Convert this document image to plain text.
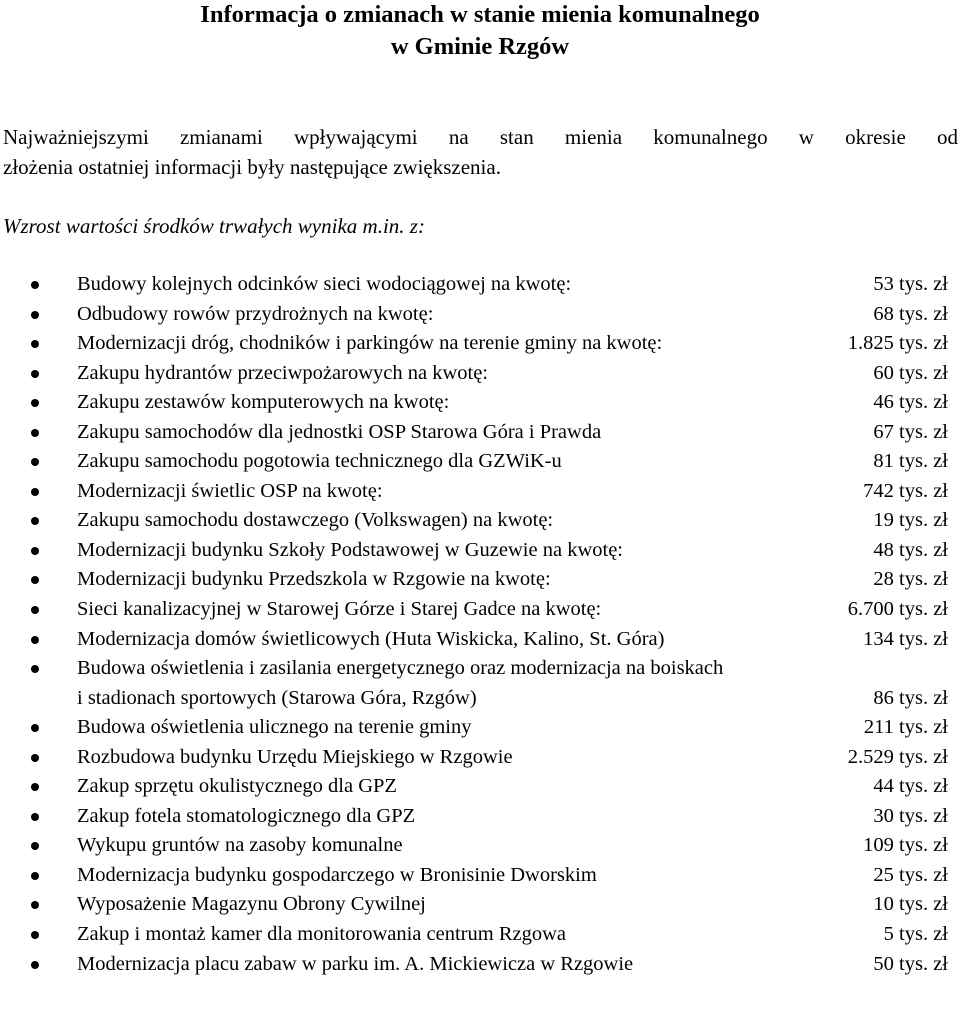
Informacja o zmianach w stanie mienia komunalnego
w Gminie Rzgów

Najważniejszymi zmianami wpływającymi na stan mienia komunalnego w okresie od
złożenia ostatniej informacji były następujące zwiększenia.

Wzrost wartości środków trwałych wynika m.in. z:

Budowy kolejnych odcinków sieci wodociągowej na kwotę:	53 tys. zł
Odbudowy rowów przydrożnych na kwotę:	68 tys. zł
Modernizacji dróg, chodników i parkingów na terenie gminy na kwotę:	1.825 tys. zł
Zakupu hydrantów przeciwpożarowych na kwotę:	60 tys. zł
Zakupu zestawów komputerowych na kwotę:	46 tys. zł
Zakupu samochodów dla jednostki OSP Starowa Góra i Prawda	67 tys. zł
Zakupu samochodu pogotowia technicznego dla GZWiK-u	81 tys. zł
Modernizacji świetlic OSP na kwotę:	742 tys. zł
Zakupu samochodu dostawczego (Volkswagen) na kwotę:	19 tys. zł
Modernizacji budynku Szkoły Podstawowej w Guzewie na kwotę:	48 tys. zł
Modernizacji budynku Przedszkola w Rzgowie na kwotę:	28 tys. zł
Sieci kanalizacyjnej w Starowej Górze i Starej Gadce na kwotę:	6.700 tys. zł
Modernizacja domów świetlicowych (Huta Wiskicka, Kalino, St. Góra)	134 tys. zł
Budowa oświetlenia i zasilania energetycznego oraz modernizacja na boiskach
i stadionach sportowych (Starowa Góra, Rzgów)	86 tys. zł
Budowa oświetlenia ulicznego na terenie gminy	211 tys. zł
Rozbudowa budynku Urzędu Miejskiego w Rzgowie	2.529 tys. zł
Zakup sprzętu okulistycznego dla GPZ	44 tys. zł
Zakup fotela stomatologicznego dla GPZ	30 tys. zł
Wykupu gruntów na zasoby komunalne	109 tys. zł
Modernizacja budynku gospodarczego w Bronisinie Dworskim	25 tys. zł
Wyposażenie Magazynu Obrony Cywilnej	10 tys. zł
Zakup i montaż kamer dla monitorowania centrum Rzgowa	5 tys. zł
Modernizacja placu zabaw w parku im. A. Mickiewicza w Rzgowie	50 tys. zł
